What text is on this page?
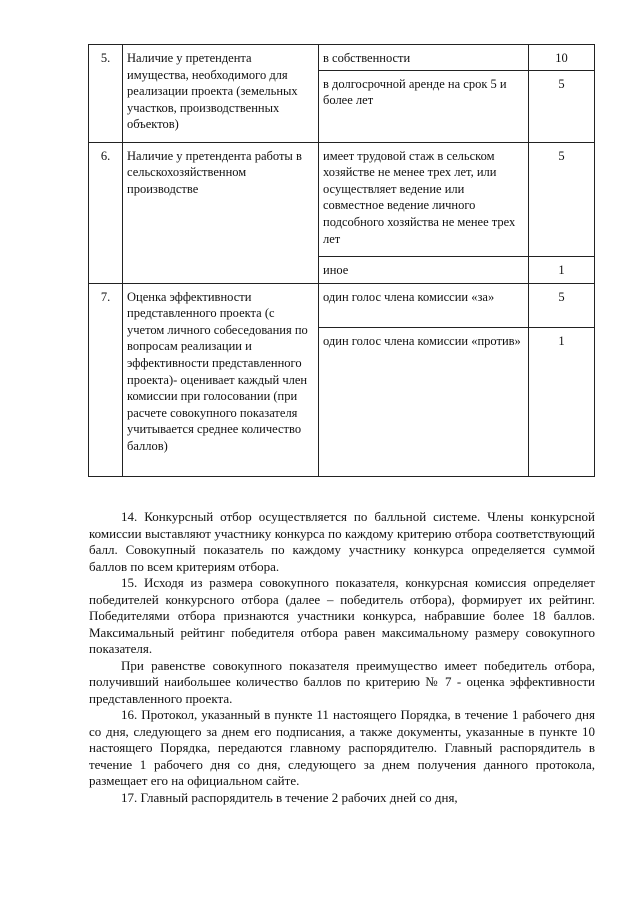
5.	Наличие у претендента имущества, необходимого для реализации проекта (земельных участков, производственных объектов)	в собственности	10
		в долгосрочной аренде на срок 5 и более лет	5
6.	Наличие у претендента работы в сельскохозяйственном производстве	имеет трудовой стаж в сельском хозяйстве не менее трех лет, или осуществляет ведение или совместное ведение личного подсобного хозяйства не менее трех лет	5
		иное	1
7.	Оценка эффективности представленного проекта (с учетом личного собеседования по вопросам реализации и эффективности представленного проекта)- оценивает каждый член комиссии при голосовании (при расчете совокупного показателя учитывается среднее количество баллов)	один голос члена комиссии «за»	5
		один голос члена комиссии «против»	1

14. Конкурсный отбор осуществляется по балльной системе. Члены конкурсной комиссии выставляют участнику конкурса по каждому критерию отбора соответствующий балл. Совокупный показатель по каждому участнику конкурса определяется суммой баллов по всем критериям отбора.

15. Исходя из размера совокупного показателя, конкурсная комиссия определяет победителей конкурсного отбора (далее – победитель отбора), формирует их рейтинг. Победителями отбора признаются участники конкурса, набравшие более 18 баллов. Максимальный рейтинг победителя отбора равен максимальному размеру совокупного показателя.

При равенстве совокупного показателя преимущество имеет победитель отбора, получивший наибольшее количество баллов по критерию № 7 - оценка эффективности представленного проекта.

16. Протокол, указанный в пункте 11 настоящего Порядка, в течение 1 рабочего дня со дня, следующего за днем его подписания, а также документы, указанные в пункте 10 настоящего Порядка, передаются главному распорядителю. Главный распорядитель в течение 1 рабочего дня со дня, следующего за днем получения данного протокола, размещает его на официальном сайте.

17. Главный распорядитель в течение 2 рабочих дней со дня,
